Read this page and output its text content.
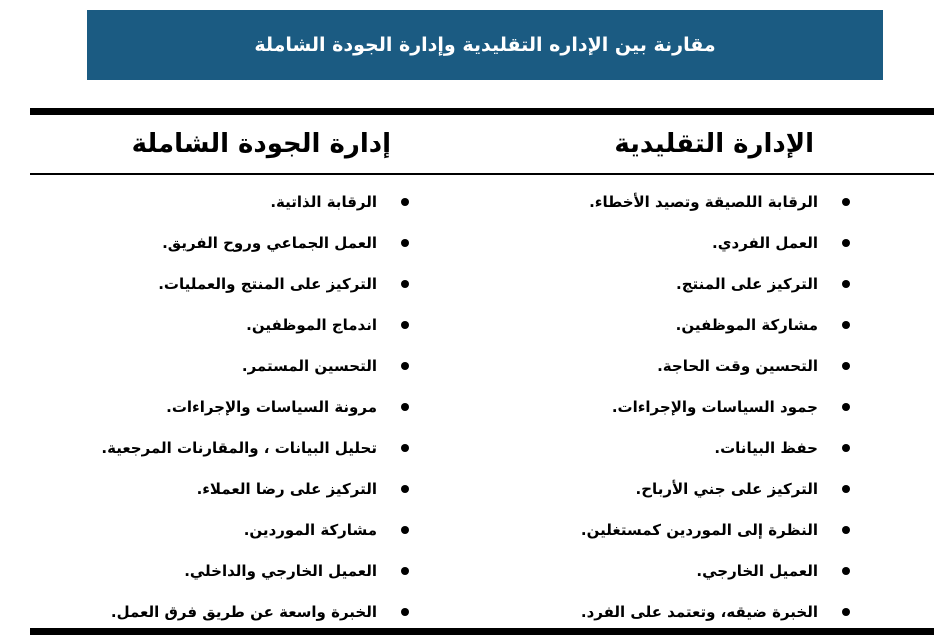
مقارنة بين الإداره التقليدية وإدارة الجودة الشاملة
الإدارة التقليدية
إدارة الجودة الشاملة
الرقابة اللصيقة وتصيد الأخطاء.
العمل الفردي.
التركيز على المنتج.
مشاركة الموظفين.
التحسين وقت الحاجة.
جمود السياسات والإجراءات.
حفظ البيانات.
التركيز على جني الأرباح.
النظرة إلى الموردين كمستغلين.
العميل الخارجي.
الخبرة ضيقه، وتعتمد على الفرد.
الرقابة الذاتية.
العمل الجماعي وروح الفريق.
التركيز على المنتج والعمليات.
اندماج الموظفين.
التحسين المستمر.
مرونة السياسات والإجراءات.
تحليل البيانات ، والمقارنات المرجعية.
التركيز على رضا العملاء.
مشاركة الموردين.
العميل الخارجي والداخلي.
الخبرة واسعة عن طريق فرق العمل.
